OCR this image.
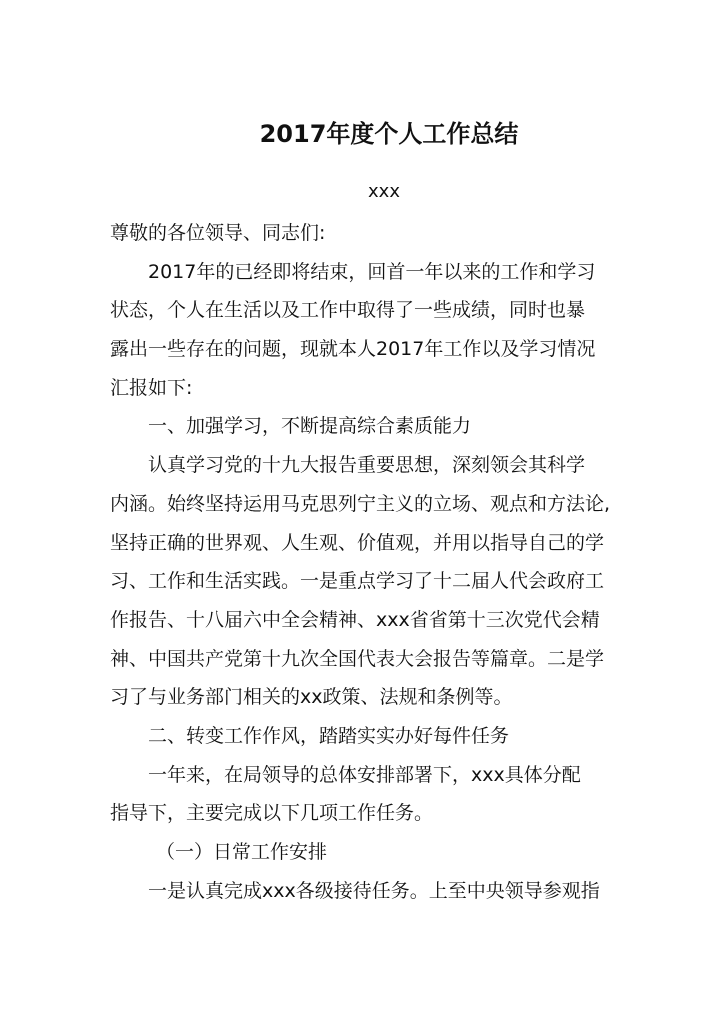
2017年度个人工作总结
xxx
尊敬的各位领导、同志们:
2017年的已经即将结束，回首一年以来的工作和学习
状态，个人在生活以及工作中取得了一些成绩，同时也暴
露出一些存在的问题，现就本人2017年工作以及学习情况
汇报如下:
一、加强学习，不断提高综合素质能力
认真学习党的十九大报告重要思想，深刻领会其科学
内涵。始终坚持运用马克思列宁主义的立场、观点和方法论,
坚持正确的世界观、人生观、价值观，并用以指导自己的学
习、工作和生活实践。一是重点学习了十二届人代会政府工
作报告、十八届六中全会精神、xxx省省第十三次党代会精
神、中国共产党第十九次全国代表大会报告等篇章。二是学
习了与业务部门相关的xx政策、法规和条例等。
二、转变工作作风，踏踏实实办好每件任务
一年来，在局领导的总体安排部署下，xxx具体分配
指导下，主要完成以下几项工作任务。
（一）日常工作安排
一是认真完成xxx各级接待任务。上至中央领导参观指
